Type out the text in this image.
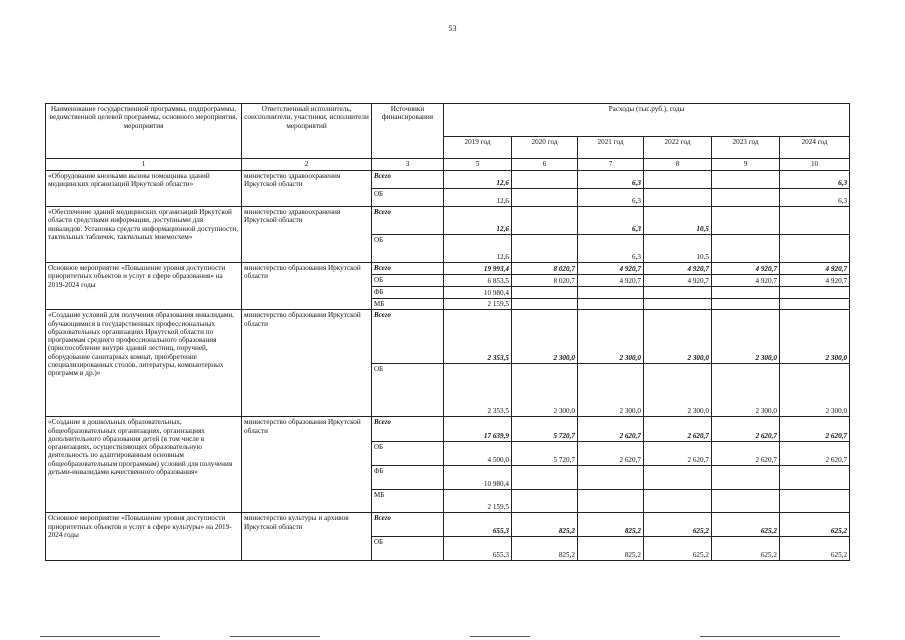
53
Наименование государственной программы, подпрограммы, ведомственной целевой программы, основного мероприятия, мероприятия	Ответственный исполнитель, соисполнители, участники, исполнители мероприятий	Источники финансирования	Расходы (тыс.руб.), годы					
			2019 год	2020 год	2021 год	2022 год	2023 год	2024 год
1	2	3	5	6	7	8	9	10
«Оборудование кнопками вызова помощника зданий медицинских организаций Иркутской области»	министерство здравоохранения Иркутской области	Всего	12,6		6,3			6,3
		ОБ	12,6		6,3			6,3
«Обеспечение зданий медицинских организаций Иркутской области средствами информации, доступными для инвалидов. Установка средств информационной доступности, тактильных табличек, тактильных мнемосхем»	министерство здравоохранения Иркутской области	Всего	12,6		6,3	10,5		
		ОБ	12,6		6,3	10,5		
Основное мероприятие «Повышение уровня доступности приоритетных объектов и услуг в сфере образования» на 2019-2024 годы	министерство образования Иркутской области	Всего	19 993,4	8 020,7	4 920,7	4 920,7	4 920,7	4 920,7
		ОБ	6 853,5	8 020,7	4 920,7	4 920,7	4 920,7	4 920,7
		ФБ	10 980,4					
		МБ	2 159,5					
«Создание условий для получения образования инвалидами, обучающимися в государственных профессиональных образовательных организациях Иркутской области по программам среднего профессионального образования (приспособление внутри зданий лестниц, поручней, оборудование санитарных комнат, приобретение специализированных столов, литературы, компьютерных программ и др.)»	министерство образования Иркутской области	Всего	2 353,5	2 300,0	2 300,0	2 300,0	2 300,0	2 300,0
		ОБ	2 353,5	2 300,0	2 300,0	2 300,0	2 300,0	2 300,0
«Создание в дошкольных образовательных, общеобразовательных организациях, организациях дополнительного образования детей (в том числе в организациях, осуществляющих образовательную деятельность по адаптированным основным общеобразовательным программам) условий для получения детьми-инвалидами качественного образования»	министерство образования Иркутской области	Всего	17 639,9	5 720,7	2 620,7	2 620,7	2 620,7	2 620,7
		ОБ	4 500,0	5 720,7	2 620,7	2 620,7	2 620,7	2 620,7
		ФБ	10 980,4					
		МБ	2 159,5					
Основное мероприятие «Повышение уровня доступности приоритетных объектов и услуг в сфере культуры» на 2019-2024 годы	министерство культуры и архивов Иркутской области	Всего	655,3	825,2	825,2	625,2	625,2	625,2
		ОБ	655,3	825,2	825,2	625,2	625,2	625,2
